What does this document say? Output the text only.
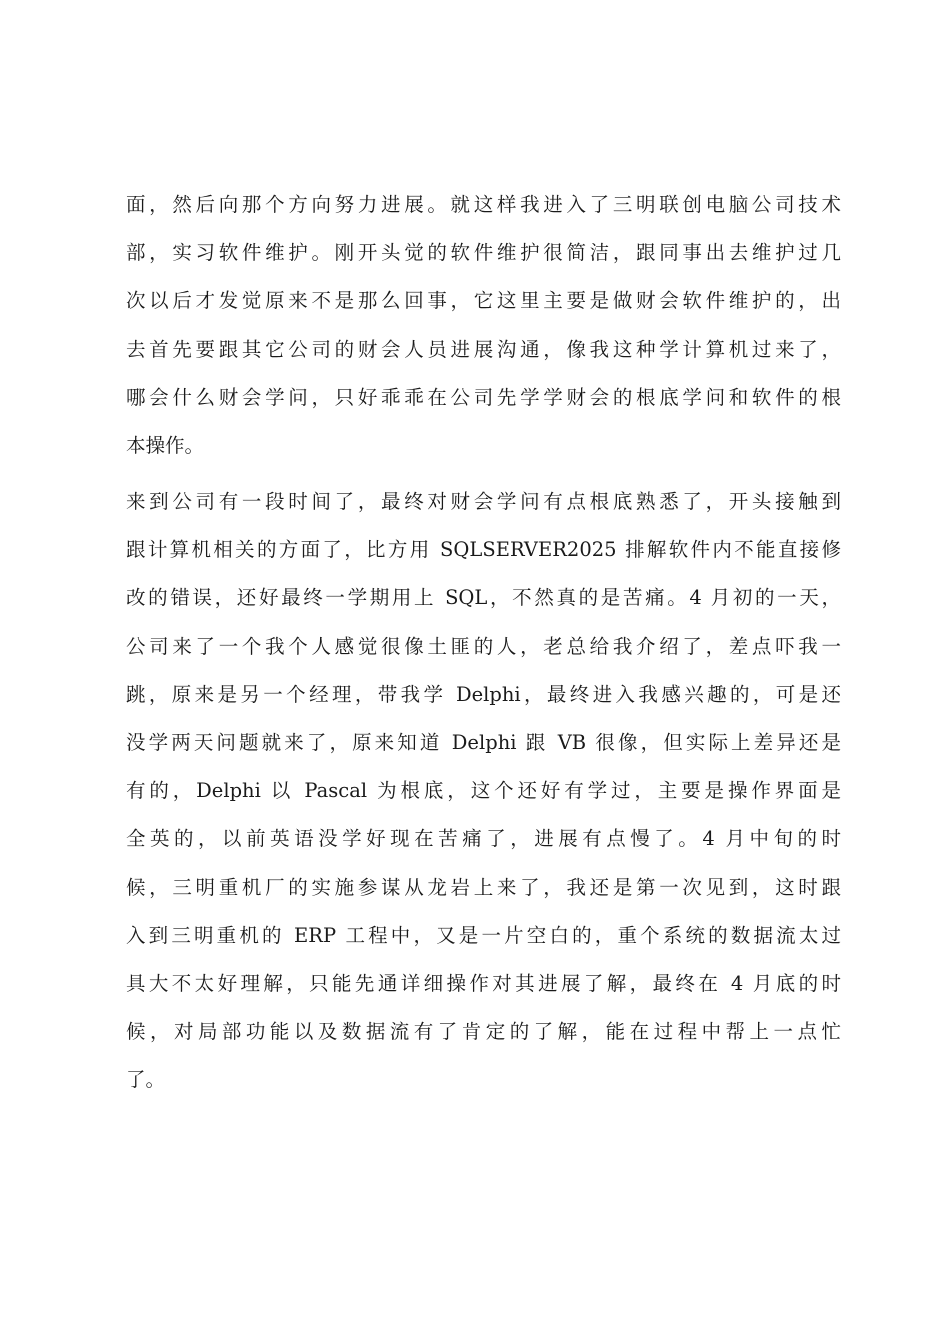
面，然后向那个方向努力进展。就这样我进入了三明联创电脑公司技术
部，实习软件维护。刚开头觉的软件维护很简洁，跟同事出去维护过几
次以后才发觉原来不是那么回事，它这里主要是做财会软件维护的，出
去首先要跟其它公司的财会人员进展沟通，像我这种学计算机过来了，
哪会什么财会学问，只好乖乖在公司先学学财会的根底学问和软件的根
本操作。
来到公司有一段时间了，最终对财会学问有点根底熟悉了，开头接触到
跟计算机相关的方面了，比方用 SQLSERVER2025 排解软件内不能直接修
改的错误，还好最终一学期用上 SQL，不然真的是苦痛。4 月初的一天，
公司来了一个我个人感觉很像土匪的人，老总给我介绍了，差点吓我一
跳，原来是另一个经理，带我学 Delphi，最终进入我感兴趣的，可是还
没学两天问题就来了，原来知道 Delphi 跟 VB 很像，但实际上差异还是
有的，Delphi 以 Pascal 为根底，这个还好有学过，主要是操作界面是
全英的，以前英语没学好现在苦痛了，进展有点慢了。4 月中旬的时
候，三明重机厂的实施参谋从龙岩上来了，我还是第一次见到，这时跟
入到三明重机的 ERP 工程中，又是一片空白的，重个系统的数据流太过
具大不太好理解，只能先通详细操作对其进展了解，最终在 4 月底的时
候，对局部功能以及数据流有了肯定的了解，能在过程中帮上一点忙
了。
